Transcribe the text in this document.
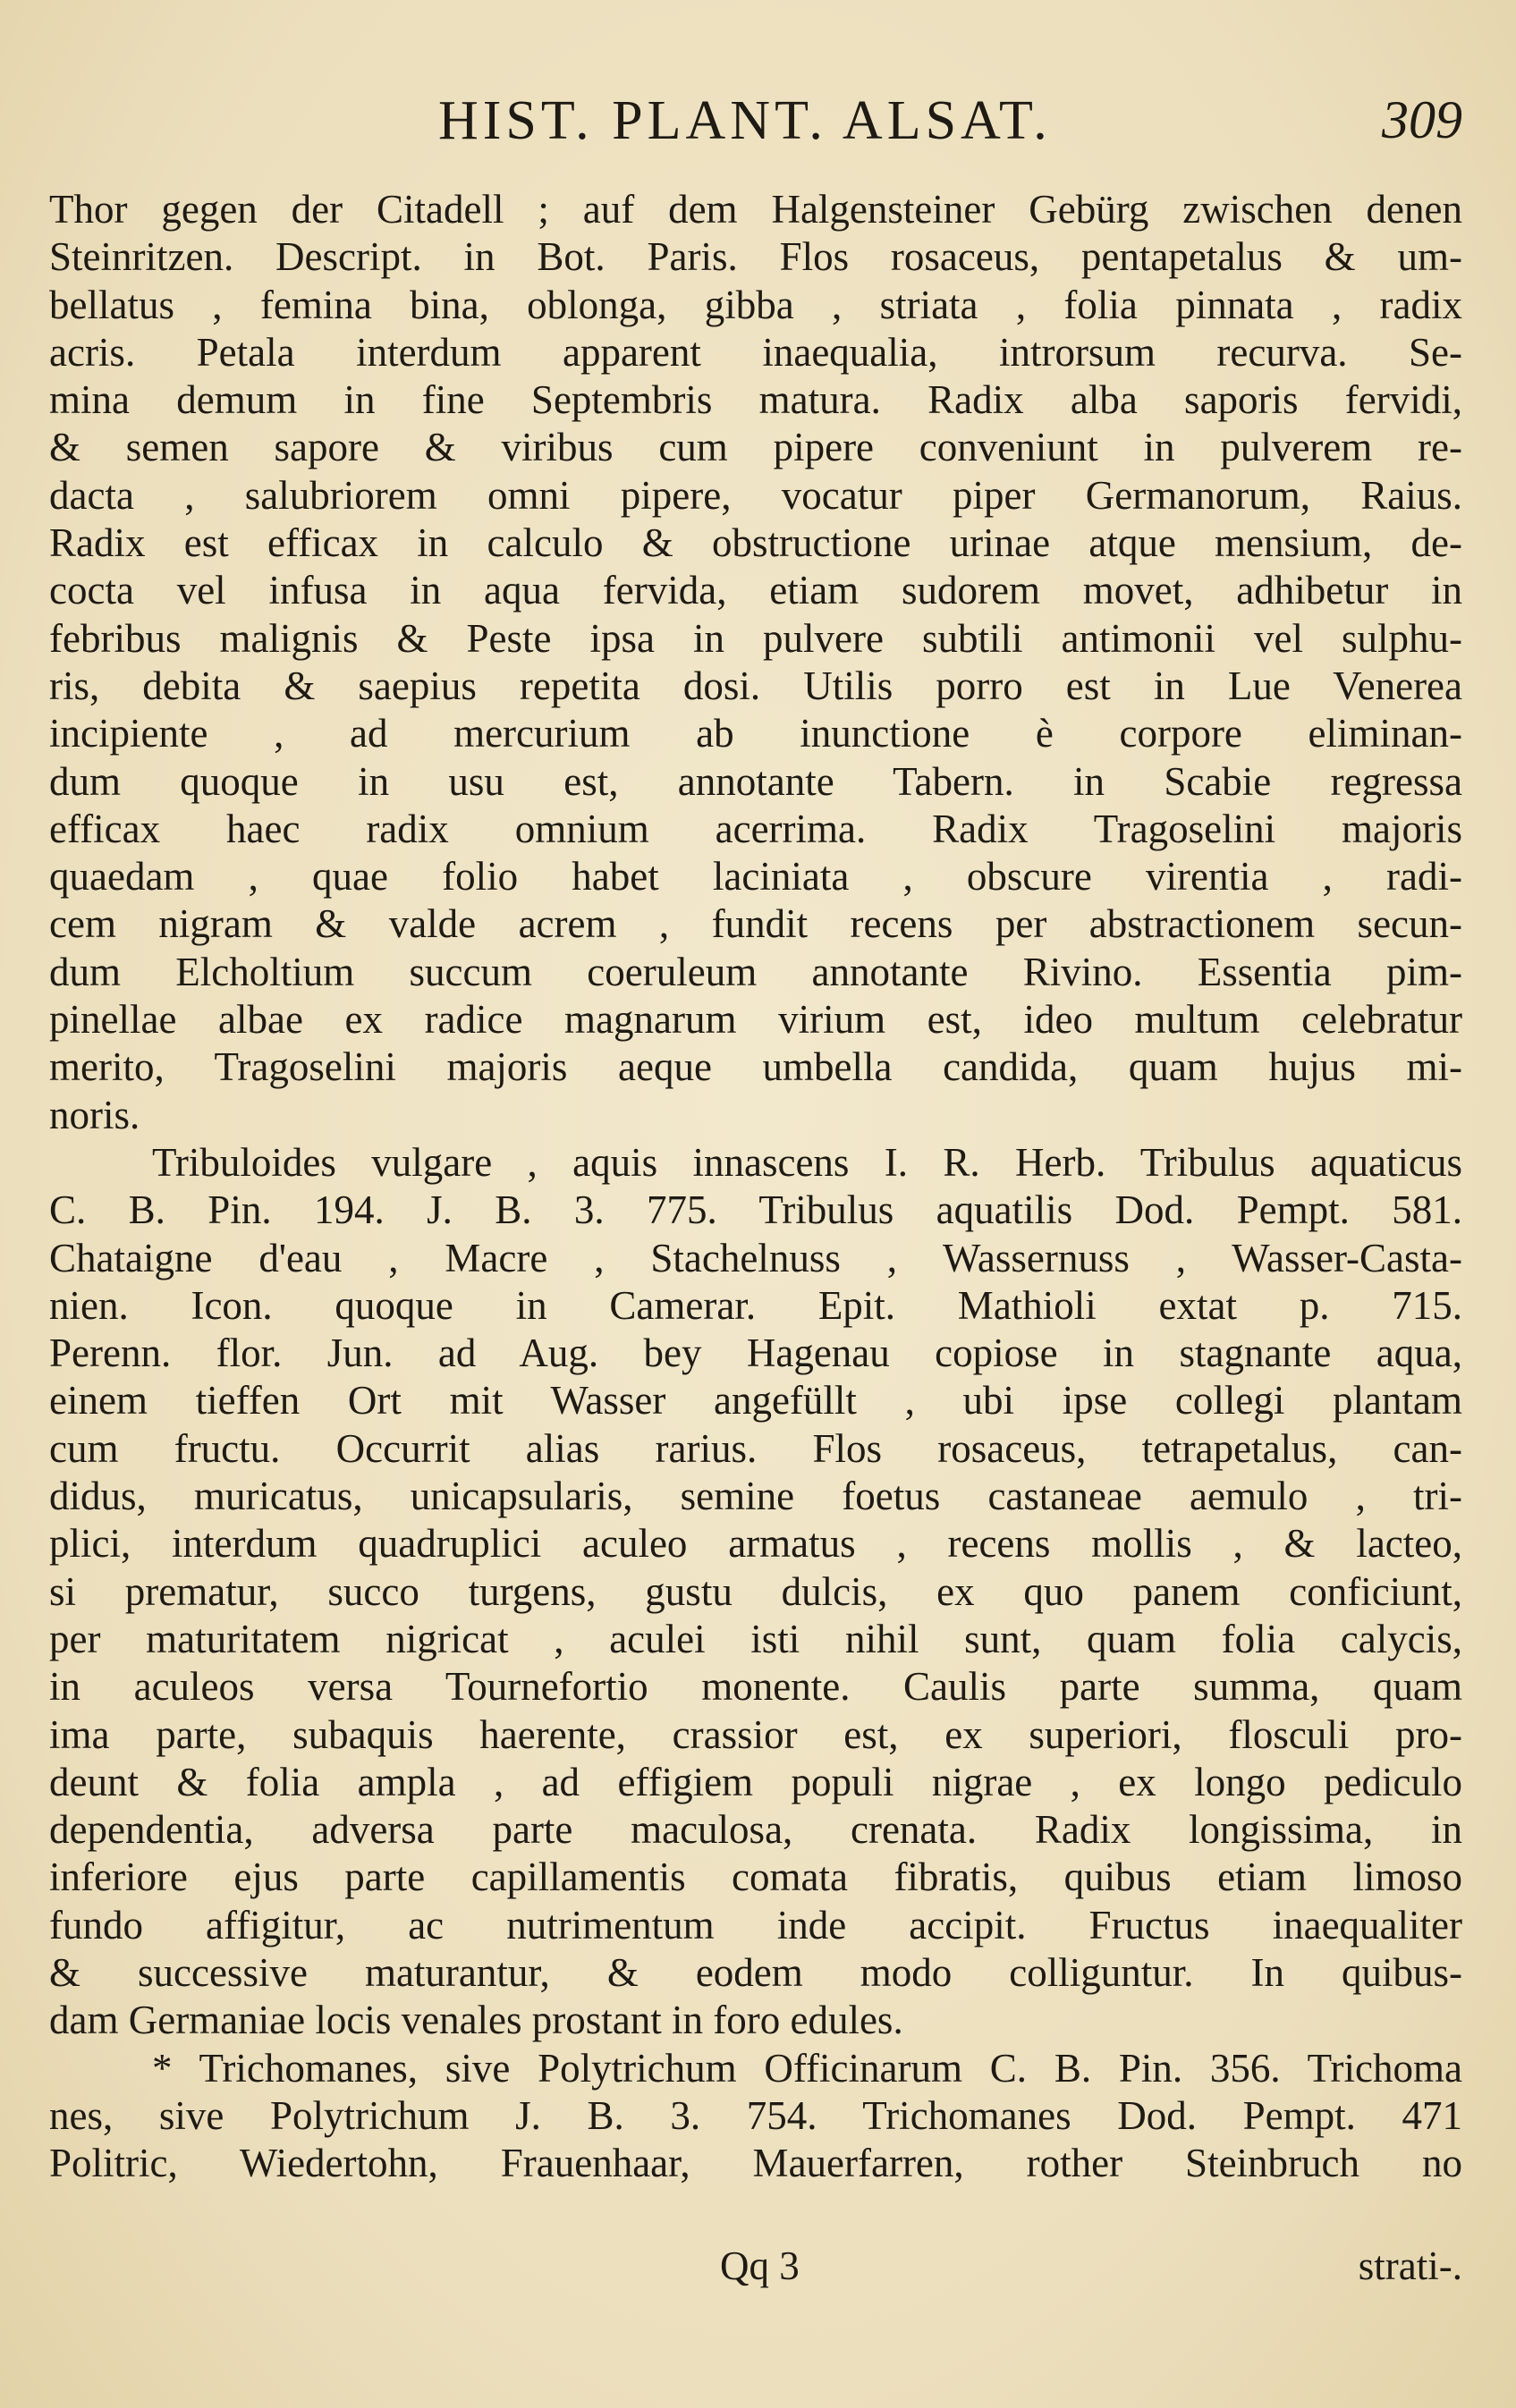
HIST. PLANT. ALSAT.	309
Thor gegen der Citadell ; auf dem Halgensteiner Gebürg zwischen denen
Steinritzen. Descript. in Bot. Paris. Flos rosaceus, pentapetalus & um-
bellatus , femina bina, oblonga, gibba , striata , folia pinnata , radix
acris. Petala interdum apparent inaequalia, introrsum recurva. Se-
mina demum in fine Septembris matura. Radix alba saporis fervidi,
& semen sapore & viribus cum pipere conveniunt in pulverem re-
dacta , salubriorem omni pipere, vocatur piper Germanorum, Raius.
Radix est efficax in calculo & obstructione urinae atque mensium, de-
cocta vel infusa in aqua fervida, etiam sudorem movet, adhibetur in
febribus malignis & Peste ipsa in pulvere subtili antimonii vel sulphu-
ris, debita & saepius repetita dosi. Utilis porro est in Lue Venerea
incipiente , ad mercurium ab inunctione è corpore eliminan-
dum quoque in usu est, annotante Tabern. in Scabie regressa
efficax haec radix omnium acerrima. Radix Tragoselini majoris
quaedam , quae folio habet laciniata , obscure virentia , radi-
cem nigram & valde acrem , fundit recens per abstractionem secun-
dum Elcholtium succum coeruleum annotante Rivino. Essentia pim-
pinellae albae ex radice magnarum virium est, ideo multum celebratur
merito, Tragoselini majoris aeque umbella candida, quam hujus mi-
noris.
Tribuloides vulgare , aquis innascens I. R. Herb. Tribulus aquaticus
C. B. Pin. 194. J. B. 3. 775. Tribulus aquatilis Dod. Pempt. 581.
Chataigne d'eau , Macre , Stachelnuss , Wassernuss , Wasser-Casta-
nien. Icon. quoque in Camerar. Epit. Mathioli extat p. 715.
Perenn. flor. Jun. ad Aug. bey Hagenau copiose in stagnante aqua,
einem tieffen Ort mit Wasser angefüllt , ubi ipse collegi plantam
cum fructu. Occurrit alias rarius. Flos rosaceus, tetrapetalus, can-
didus, muricatus, unicapsularis, semine foetus castaneae aemulo , tri-
plici, interdum quadruplici aculeo armatus , recens mollis , & lacteo,
si prematur, succo turgens, gustu dulcis, ex quo panem conficiunt,
per maturitatem nigricat , aculei isti nihil sunt, quam folia calycis,
in aculeos versa Tournefortio monente. Caulis parte summa, quam
ima parte, subaquis haerente, crassior est, ex superiori, flosculi pro-
deunt & folia ampla , ad effigiem populi nigrae , ex longo pediculo
dependentia, adversa parte maculosa, crenata. Radix longissima, in
inferiore ejus parte capillamentis comata fibratis, quibus etiam limoso
fundo affigitur, ac nutrimentum inde accipit. Fructus inaequaliter
& successive maturantur, & eodem modo colliguntur. In quibus-
dam Germaniae locis venales prostant in foro edules.
* Trichomanes, sive Polytrichum Officinarum C. B. Pin. 356. Trichoma
nes, sive Polytrichum J. B. 3. 754. Trichomanes Dod. Pempt. 471
Politric, Wiedertohn, Frauenhaar, Mauerfarren, rother Steinbruch no
Qq 3	strati-.
